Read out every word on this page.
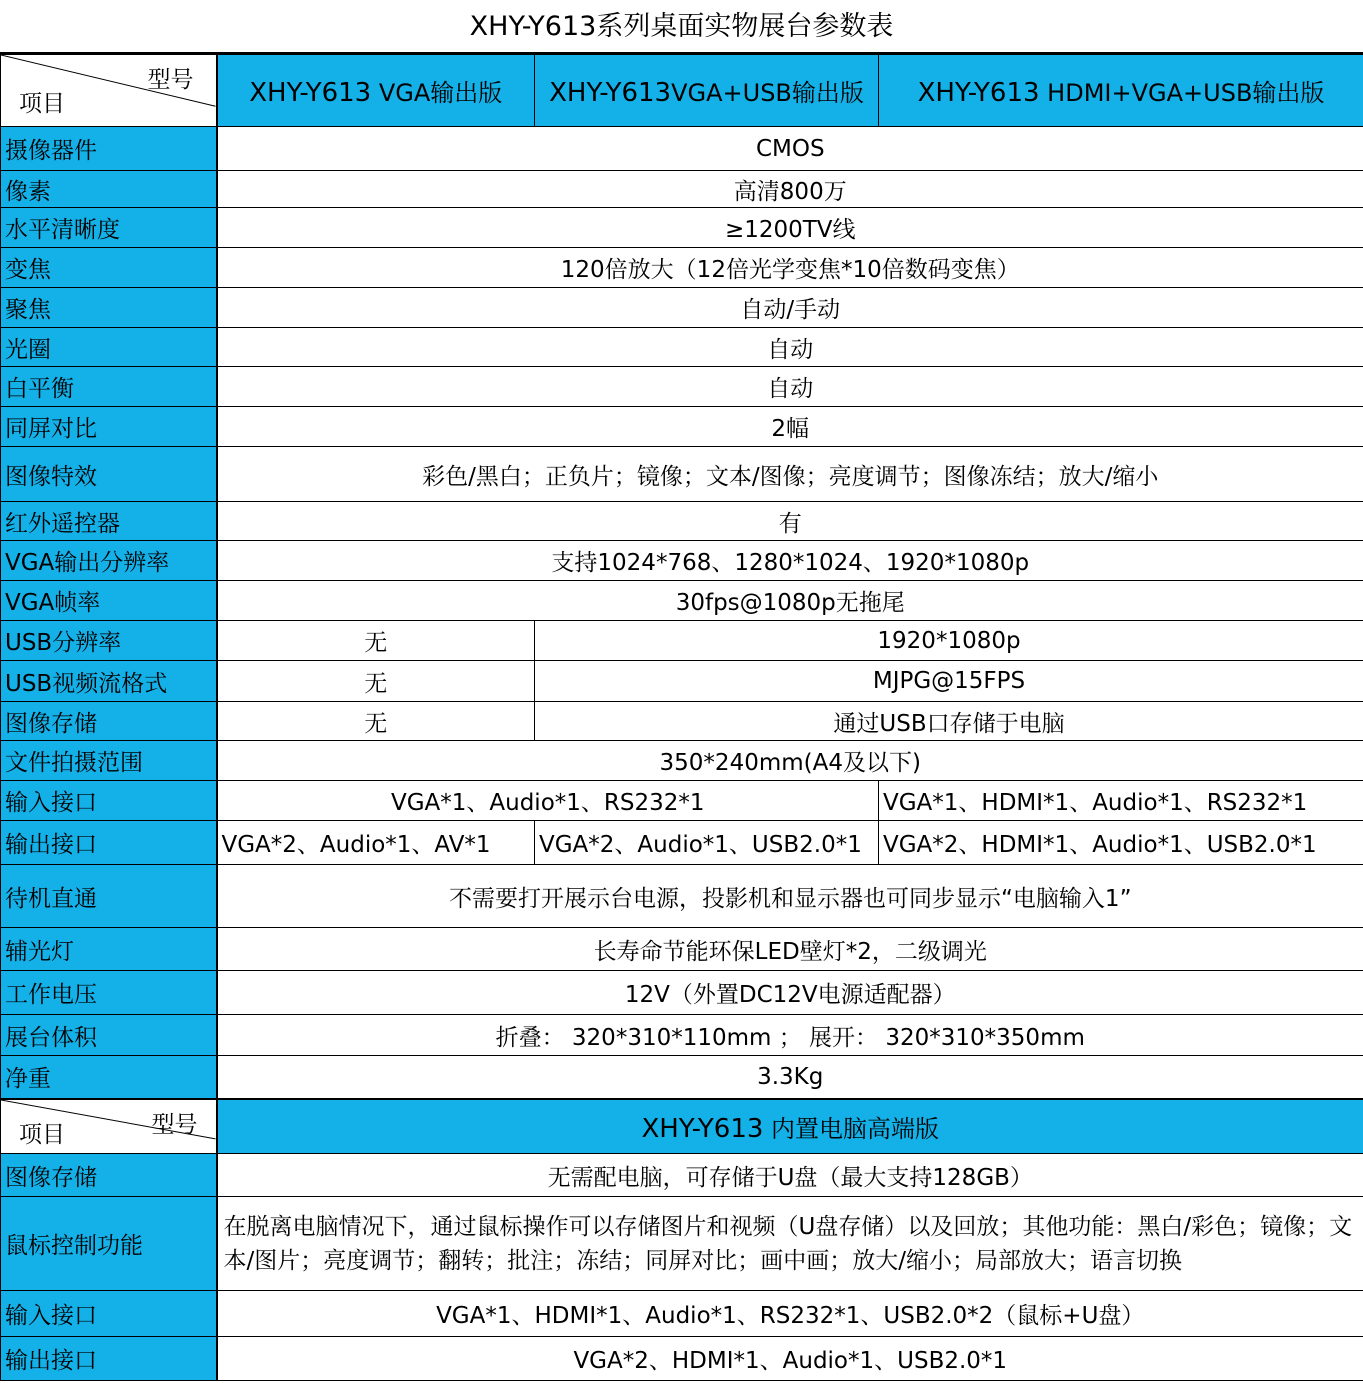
XHY-Y613系列桌面实物展台参数表
型号
项目	XHY-Y613 VGA输出版	XHY-Y613VGA+USB输出版	XHY-Y613 HDMI+VGA+USB输出版
摄像器件	CMOS		
像素	高清800万		
水平清晰度	≥1200TV线		
变焦	120倍放大（12倍光学变焦*10倍数码变焦）		
聚焦	自动/手动		
光圈	自动		
白平衡	自动		
同屏对比	2幅		
图像特效	彩色/黑白；正负片；镜像；文本/图像；亮度调节；图像冻结；放大/缩小		
红外遥控器	有		
VGA输出分辨率	支持1024*768、1280*1024、1920*1080p		
VGA帧率	30fps@1080p无拖尾		
USB分辨率	无	1920*1080p	
USB视频流格式	无	MJPG@15FPS	
图像存储	无	通过USB口存储于电脑	
文件拍摄范围	350*240mm(A4及以下)		
输入接口	VGA*1、Audio*1、RS232*1		VGA*1、HDMI*1、Audio*1、RS232*1
输出接口	VGA*2、Audio*1、AV*1	VGA*2、Audio*1、USB2.0*1	VGA*2、HDMI*1、Audio*1、USB2.0*1
待机直通	不需要打开展示台电源，投影机和显示器也可同步显示“电脑输入1”		
辅光灯	长寿命节能环保LED壁灯*2，二级调光		
工作电压	12V（外置DC12V电源适配器）		
展台体积	折叠： 320*310*110mm ； 展开： 320*310*350mm		
净重	3.3Kg		

型号
项目	XHY-Y613 内置电脑高端版		
图像存储	无需配电脑，可存储于U盘（最大支持128GB）		
鼠标控制功能	在脱离电脑情况下，通过鼠标操作可以存储图片和视频（U盘存储）以及回放；其他功能：黑白/彩色；镜像；文本/图片；亮度调节；翻转；批注；冻结；同屏对比；画中画；放大/缩小；局部放大；语言切换		
输入接口	VGA*1、HDMI*1、Audio*1、RS232*1、USB2.0*2（鼠标+U盘）		
输出接口	VGA*2、HDMI*1、Audio*1、USB2.0*1		
